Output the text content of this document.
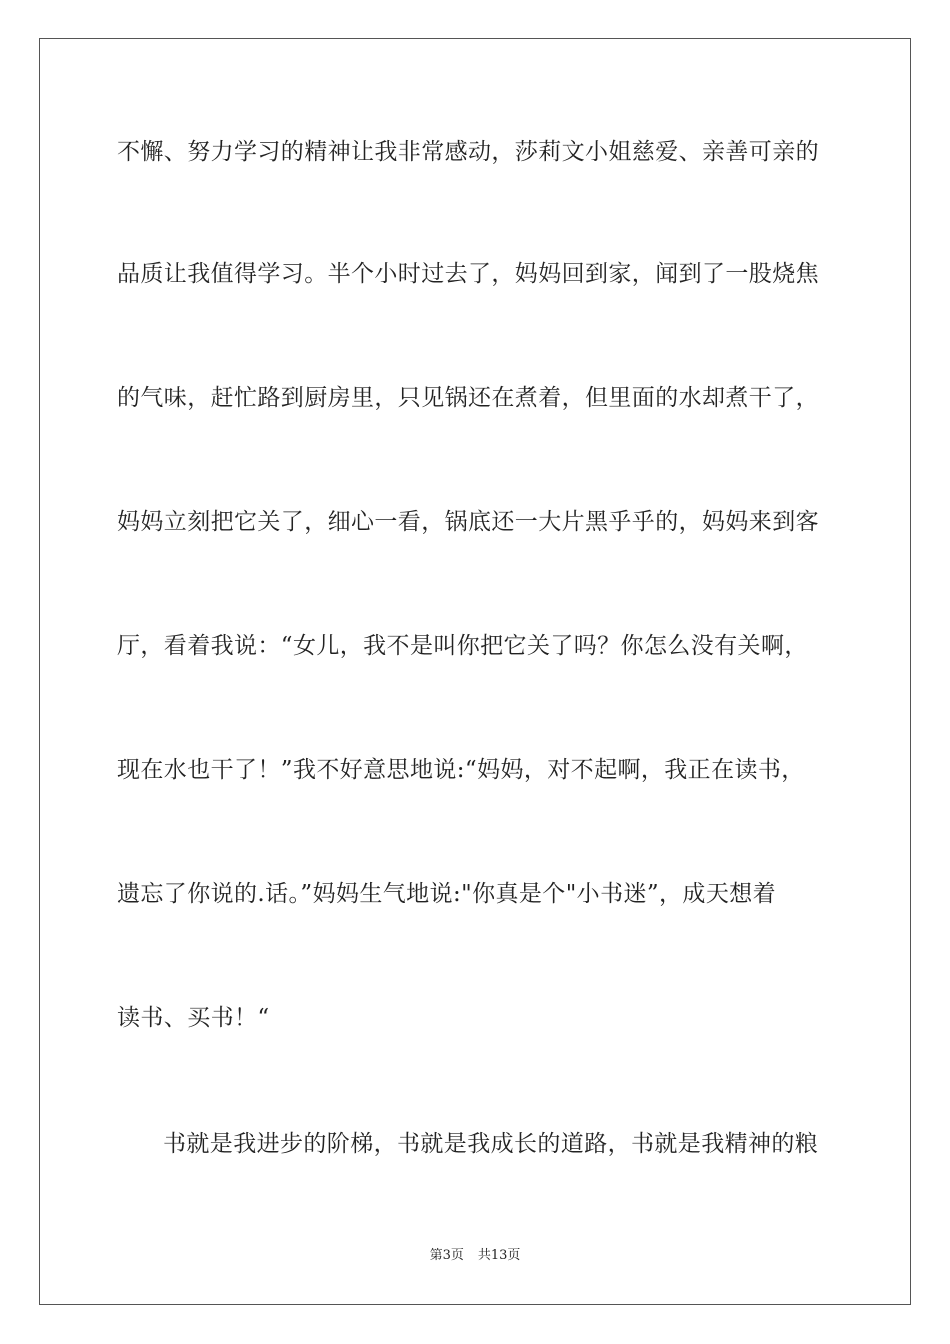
不懈、努力学习的精神让我非常感动，莎莉文小姐慈爱、亲善可亲的
品质让我值得学习。半个小时过去了，妈妈回到家，闻到了一股烧焦
的气味，赶忙路到厨房里，只见锅还在煮着，但里面的水却煮干了，
妈妈立刻把它关了，细心一看，锅底还一大片黑乎乎的，妈妈来到客
厅，看着我说：“女儿，我不是叫你把它关了吗？你怎么没有关啊，
现在水也干了！”我不好意思地说:“妈妈，对不起啊，我正在读书，
遗忘了你说的.话。”妈妈生气地说:"你真是个"小书迷”，成天想着
读书、买书！“
书就是我进步的阶梯，书就是我成长的道路，书就是我精神的粮
第3页 共13页
